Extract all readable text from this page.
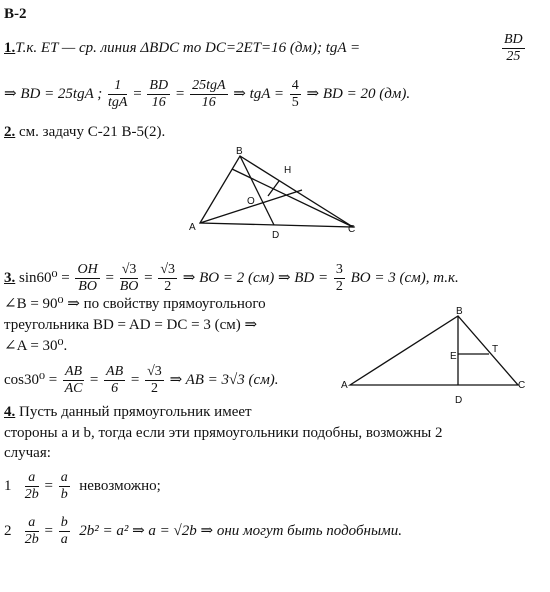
В-2
1.Т.к. ET — ср. линия ΔBDC то DC=2ET=16 (дм); tgA =	$\frac{BD}{25}$
⇒ BD = 25tgA ; $\frac{1}{\text{tgA}} = \frac{BD}{16} = \frac{\text{25tgA}}{16}$ ⇒ tgA = $\frac{4}{5}$ ⇒ BD = 20 (дм).
2. см. задачу С-21 В-5(2).
B
H
O
A
D
C
3. $\sin 60^0 = \frac{OH}{BO} = \frac{√3}{BO} = \frac{√3}{2}$ ⇒ BO = 2 (см) ⇒ BD = $\frac{3}{2}$ BO = 3 (см), т.к.
∠B = 90⁰ ⇒ по свойству прямоугольного
треугольника BD = AD = DC = 3 (см) ⇒
∠A = 30⁰.
$\cos 30^0 = \frac{AB}{AC} = \frac{AB}{6} = \frac{√3}{2}$ ⇒ AB = 3√3 (см).
B
E
T
A
D
C
4. Пусть данный прямоугольник имеет
стороны a и b, тогда если эти прямоугольники подобны, возможны 2
случая:
$1 \frac{a}{2b} = \frac{a}{b}$ невозможно;
$2 \frac{a}{2b} = \frac{b}{a} 2b^2 = a^2$ ⇒ a = √2b ⇒ они могут быть подобными.
